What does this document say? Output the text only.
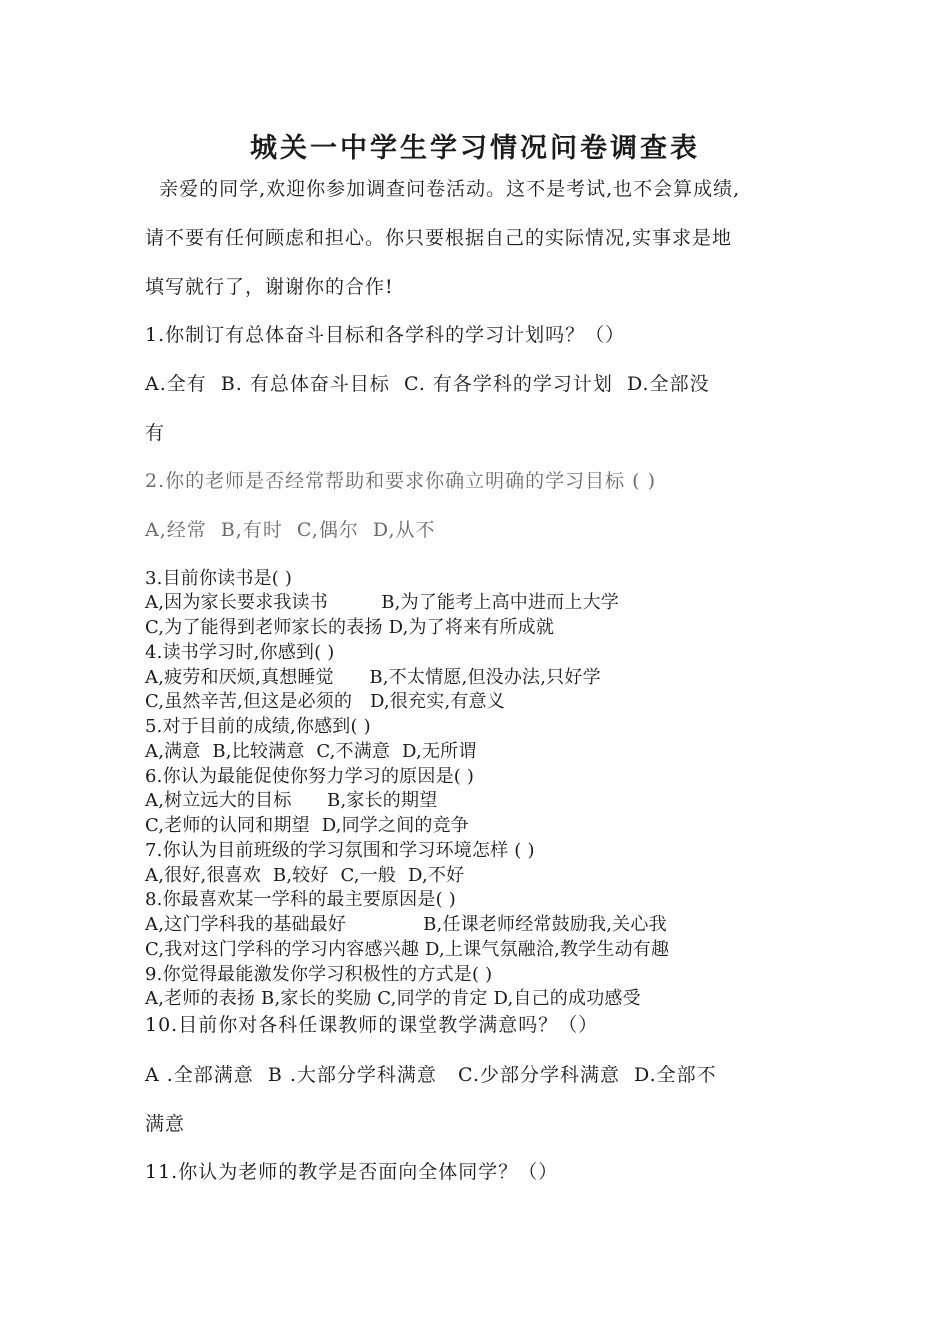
城关一中学生学习情况问卷调查表
亲爱的同学,欢迎你参加调查问卷活动。这不是考试,也不会算成绩,
请不要有任何顾虑和担心。你只要根据自己的实际情况,实事求是地
填写就行了，谢谢你的合作!
1.你制订有总体奋斗目标和各学科的学习计划吗？（）
A.全有  B. 有总体奋斗目标  C. 有各学科的学习计划  D.全部没
有
2.你的老师是否经常帮助和要求你确立明确的学习目标 ( )
A,经常  B,有时  C,偶尔  D,从不
3.目前你读书是( )
A,因为家长要求我读书         B,为了能考上高中进而上大学
C,为了能得到老师家长的表扬 D,为了将来有所成就
4.读书学习时,你感到( )
A,疲劳和厌烦,真想睡觉      B,不太情愿,但没办法,只好学
C,虽然辛苦,但这是必须的   D,很充实,有意义
5.对于目前的成绩,你感到( )
A,满意  B,比较满意  C,不满意  D,无所谓
6.你认为最能促使你努力学习的原因是( )
A,树立远大的目标      B,家长的期望
C,老师的认同和期望  D,同学之间的竞争
7.你认为目前班级的学习氛围和学习环境怎样 ( )
A,很好,很喜欢  B,较好  C,一般  D,不好
8.你最喜欢某一学科的最主要原因是( )
A,这门学科我的基础最好             B,任课老师经常鼓励我,关心我
C,我对这门学科的学习内容感兴趣 D,上课气氛融洽,教学生动有趣
9.你觉得最能激发你学习积极性的方式是( )
A,老师的表扬 B,家长的奖励 C,同学的肯定 D,自己的成功感受
10.目前你对各科任课教师的课堂教学满意吗？（）
A .全部满意  B .大部分学科满意   C.少部分学科满意  D.全部不
满意
11.你认为老师的教学是否面向全体同学？（）
